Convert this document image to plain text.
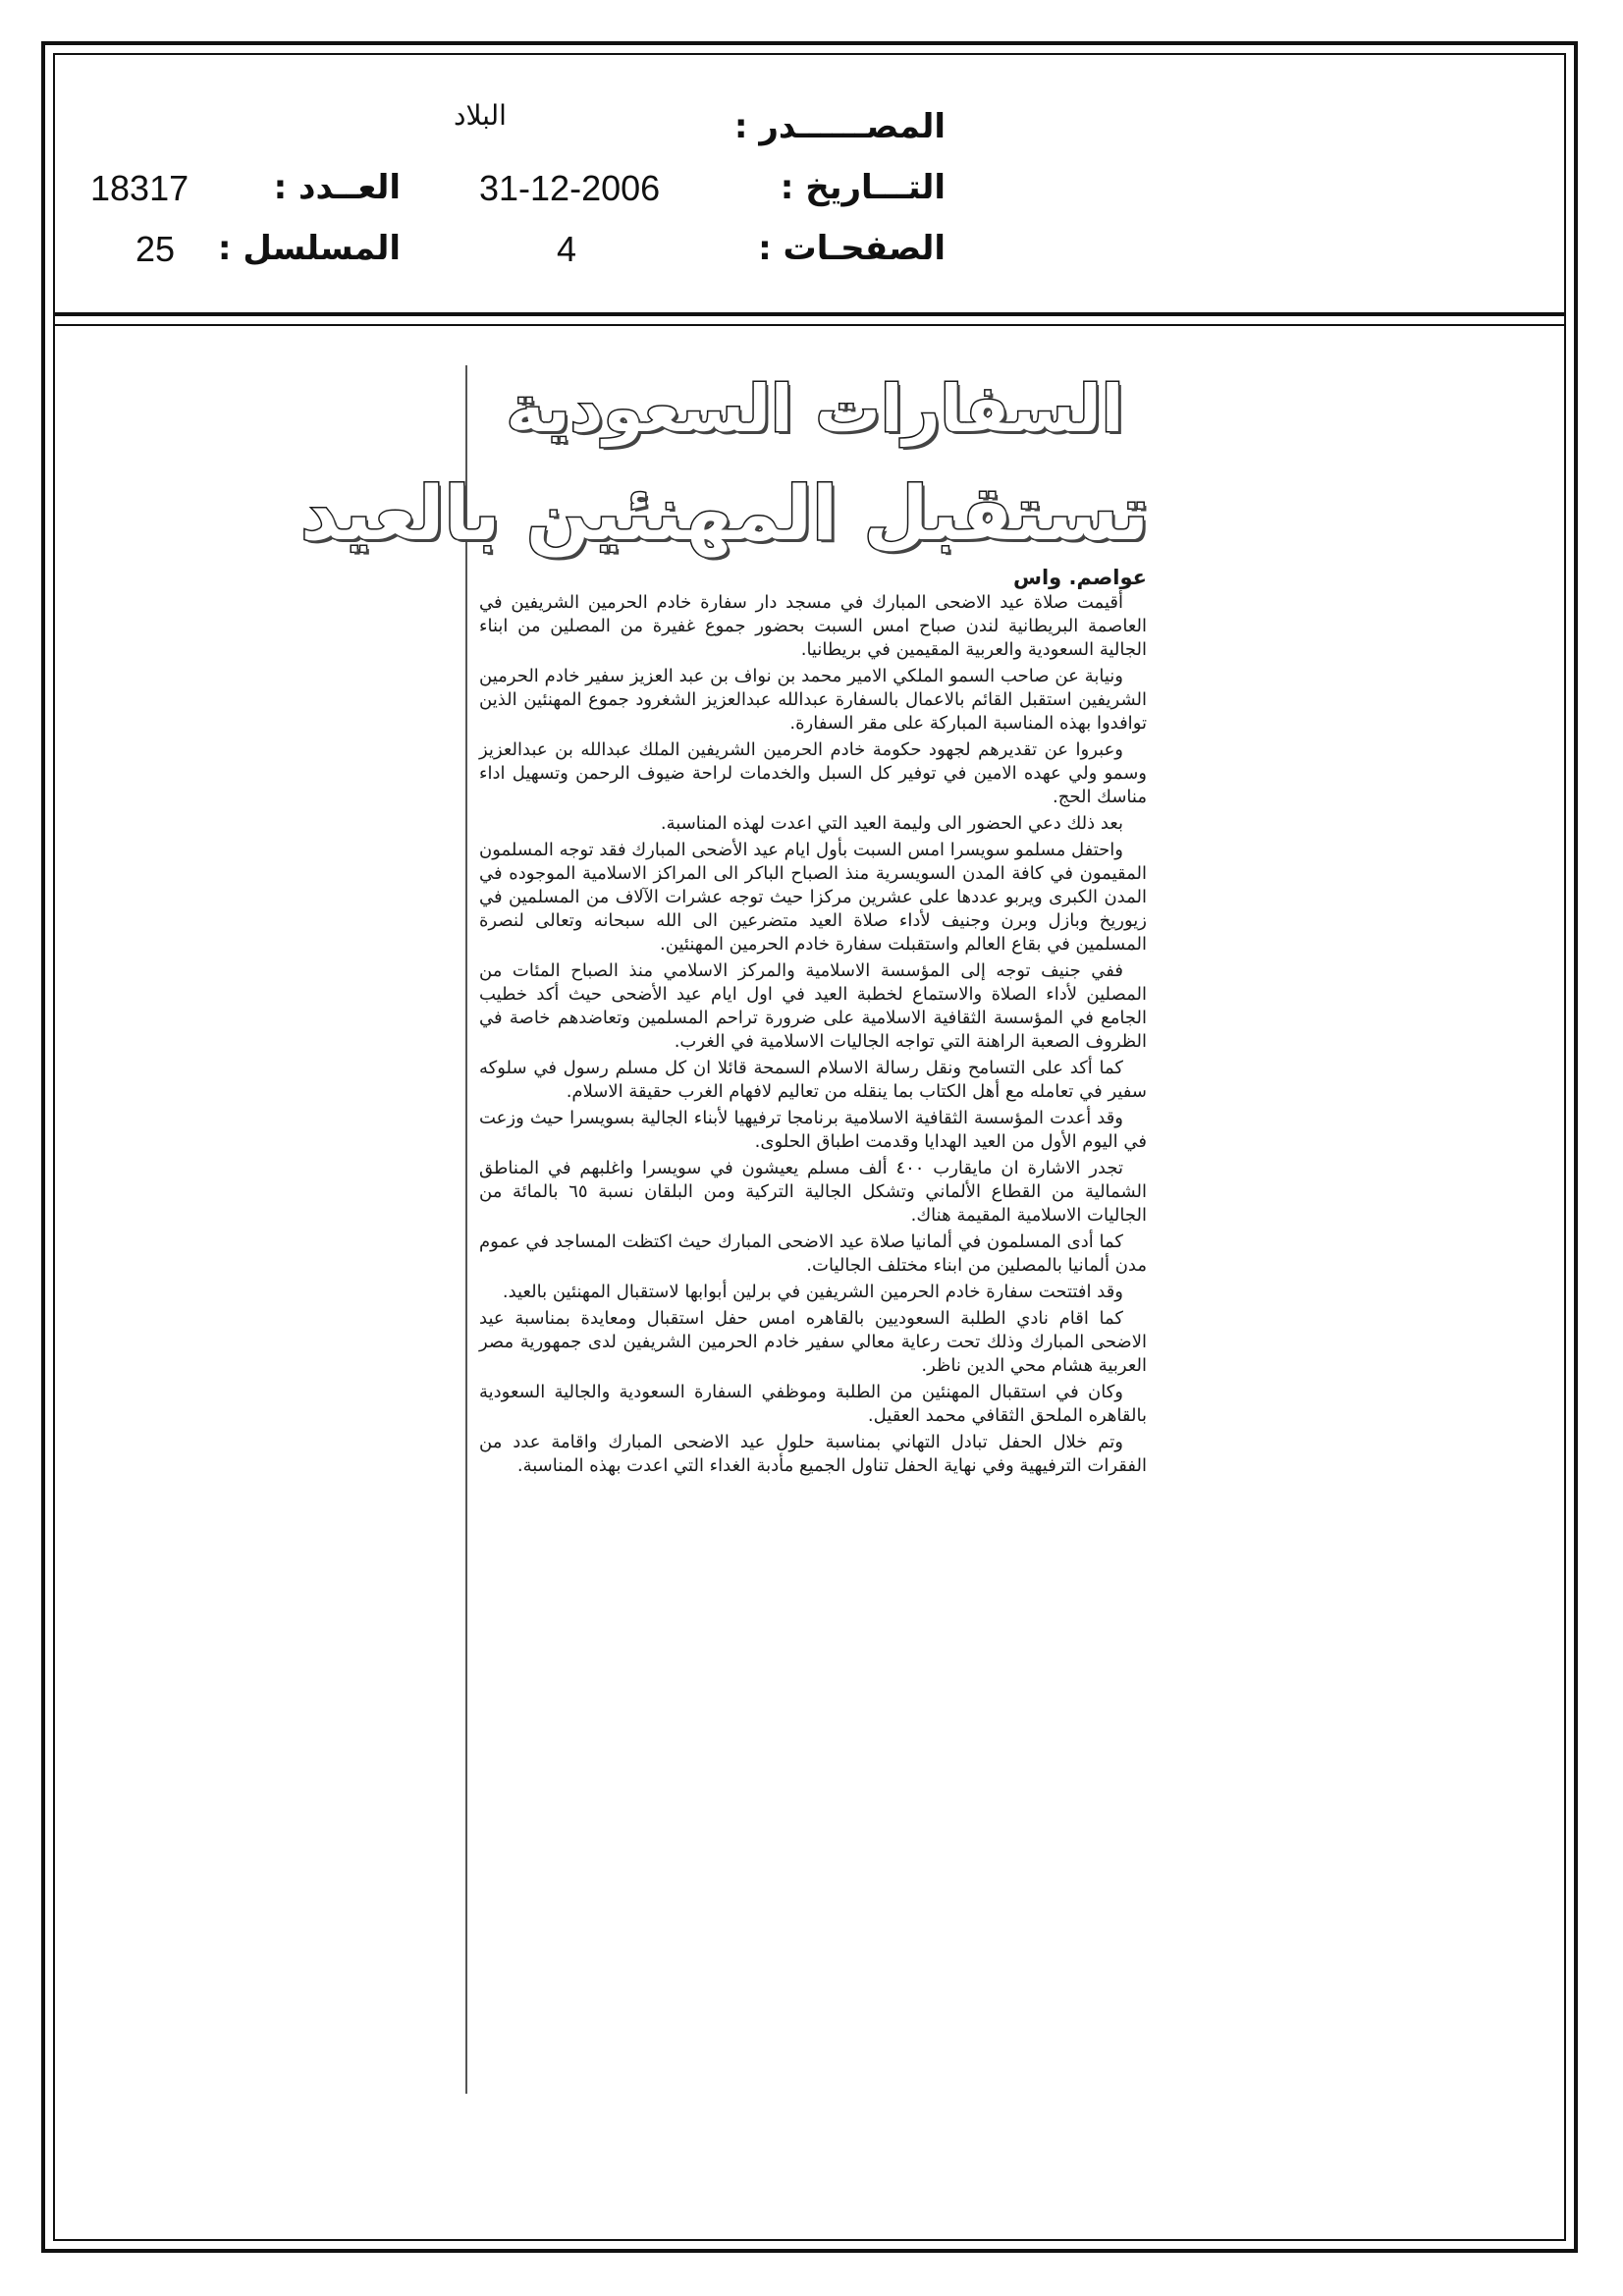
المصــــــدر :
التـــاريخ :
الصفحـات :
البلاد
31-12-2006
4
العــدد :
المسلسل :
18317
25
السفارات السعودية
تستقبل المهنئين بالعيد
عواصم. واس

أقيمت صلاة عيد الاضحى المبارك في مسجد دار سفارة خادم الحرمين الشريفين في العاصمة البريطانية لندن صباح امس السبت بحضور جموع غفيرة من المصلين من ابناء الجالية السعودية والعربية المقيمين في بريطانيا.

ونيابة عن صاحب السمو الملكي الامير محمد بن نواف بن عبد العزيز سفير خادم الحرمين الشريفين استقبل القائم بالاعمال بالسفارة عبدالله عبدالعزيز الشغرود جموع المهنئين الذين توافدوا بهذه المناسبة المباركة على مقر السفارة.

وعبروا عن تقديرهم لجهود حكومة خادم الحرمين الشريفين الملك عبدالله بن عبدالعزيز وسمو ولي عهده الامين في توفير كل السبل والخدمات لراحة ضيوف الرحمن وتسهيل اداء مناسك الحج.

بعد ذلك دعي الحضور الى وليمة العيد التي اعدت لهذه المناسبة.

واحتفل مسلمو سويسرا امس السبت بأول ايام عيد الأضحى المبارك فقد توجه المسلمون المقيمون في كافة المدن السويسرية منذ الصباح الباكر الى المراكز الاسلامية الموجوده في المدن الكبرى ويربو عددها على عشرين مركزا حيث توجه عشرات الآلاف من المسلمين في زيوريخ وبازل وبرن وجنيف لأداء صلاة العيد متضرعين الى الله سبحانه وتعالى لنصرة المسلمين في بقاع العالم واستقبلت سفارة خادم الحرمين المهنئين.

ففي جنيف توجه إلى المؤسسة الاسلامية والمركز الاسلامي منذ الصباح المئات من المصلين لأداء الصلاة والاستماع لخطبة العيد في اول ايام عيد الأضحى حيث أكد خطيب الجامع في المؤسسة الثقافية الاسلامية على ضرورة تراحم المسلمين وتعاضدهم خاصة في الظروف الصعبة الراهنة التي تواجه الجاليات الاسلامية في الغرب.

كما أكد على التسامح ونقل رسالة الاسلام السمحة قائلا ان كل مسلم رسول في سلوكه سفير في تعامله مع أهل الكتاب بما ينقله من تعاليم لافهام الغرب حقيقة الاسلام.

وقد أعدت المؤسسة الثقافية الاسلامية برنامجا ترفيهيا لأبناء الجالية بسويسرا حيث وزعت في اليوم الأول من العيد الهدايا وقدمت اطباق الحلوى.

تجدر الاشارة ان مايقارب ٤٠٠ ألف مسلم يعيشون في سويسرا واغلبهم في المناطق الشمالية من القطاع الألماني وتشكل الجالية التركية ومن البلقان نسبة ٦٥ بالمائة من الجاليات الاسلامية المقيمة هناك.

كما أدى المسلمون في ألمانيا صلاة عيد الاضحى المبارك حيث اكتظت المساجد في عموم مدن ألمانيا بالمصلين من ابناء مختلف الجاليات.

وقد افتتحت سفارة خادم الحرمين الشريفين في برلين أبوابها لاستقبال المهنئين بالعيد.

كما اقام نادي الطلبة السعوديين بالقاهره امس حفل استقبال ومعايدة بمناسبة عيد الاضحى المبارك وذلك تحت رعاية معالي سفير خادم الحرمين الشريفين لدى جمهورية مصر العربية هشام محي الدين ناظر.

وكان في استقبال المهنئين من الطلبة وموظفي السفارة السعودية والجالية السعودية بالقاهره الملحق الثقافي محمد العقيل.

وتم خلال الحفل تبادل التهاني بمناسبة حلول عيد الاضحى المبارك واقامة عدد من الفقرات الترفيهية وفي نهاية الحفل تناول الجميع مأدبة الغداء التي اعدت بهذه المناسبة.
